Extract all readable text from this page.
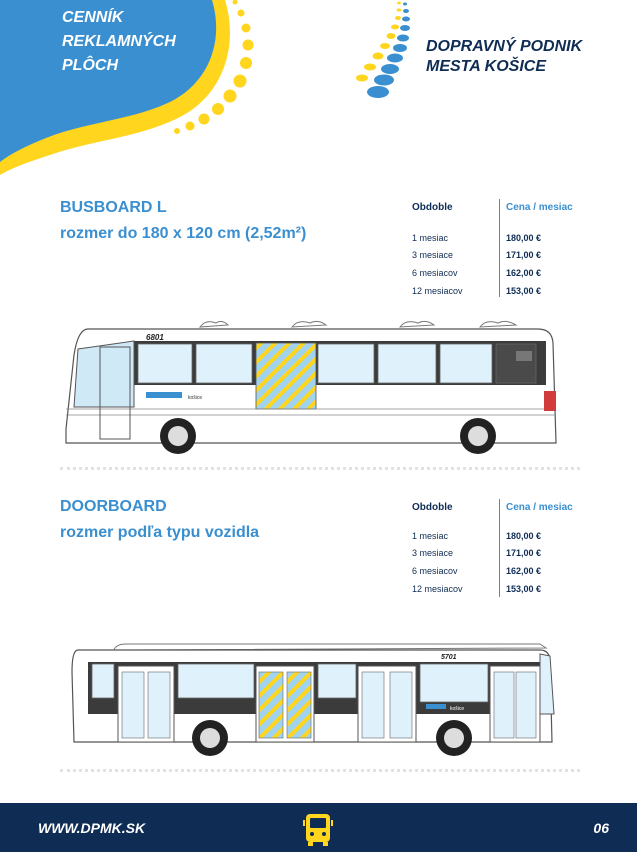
CENNÍK
REKLAMNÝCH
PLÔCH
DOPRAVNÝ PODNIK
MESTA KOŠICE
BUSBOARD L
rozmer do 180 x 120 cm (2,52m²)
Obdoble	Cena / mesiac
1 mesiac	180,00 €
3 mesiace	171,00 €
6 mesiacov	162,00 €
12 mesiacov	153,00 €
6801
košice
DOORBOARD
rozmer podľa typu vozidla
Obdoble	Cena / mesiac
1 mesiac	180,00 €
3 mesiace	171,00 €
6 mesiacov	162,00 €
12 mesiacov	153,00 €
5701
košice
WWW.DPMK.SK	06
